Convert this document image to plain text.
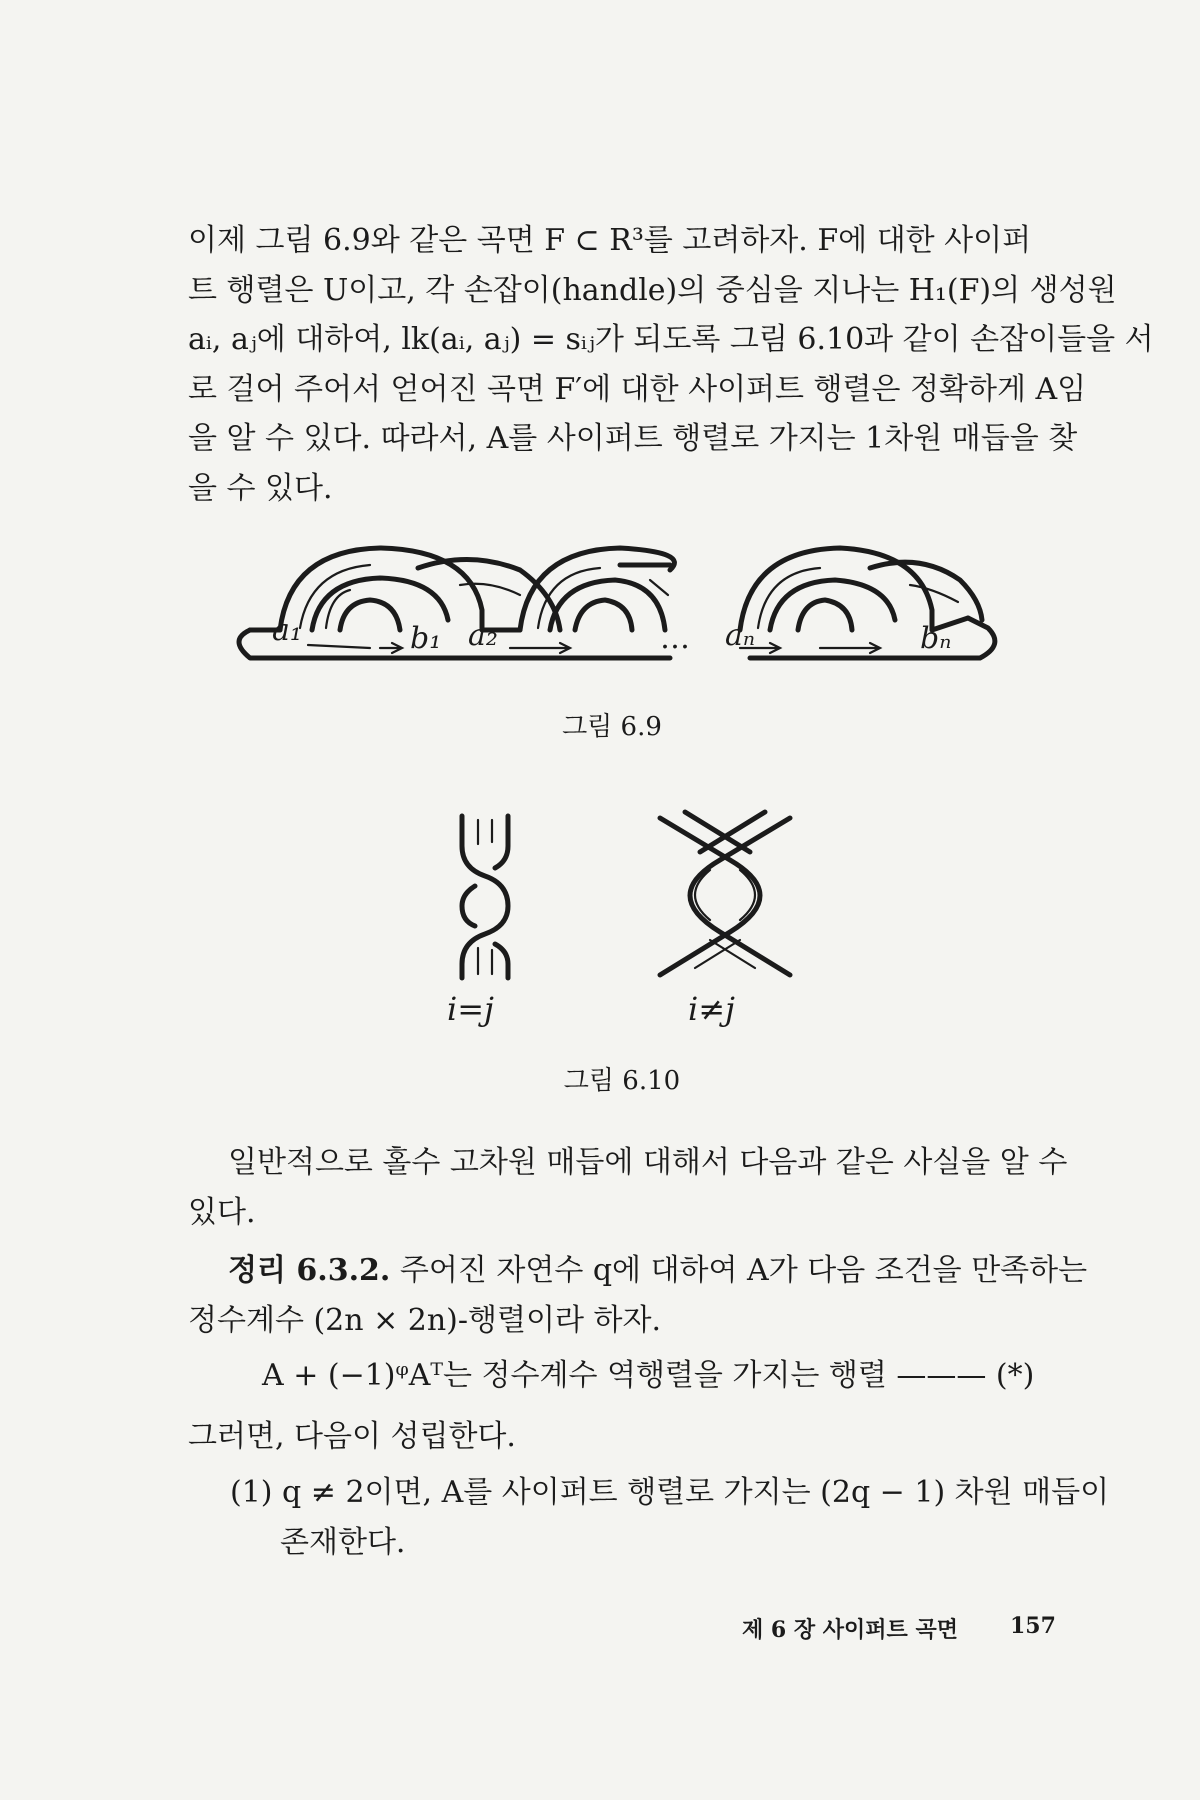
이제 그림 6.9와 같은 곡면 F ⊂ R³를 고려하자. F에 대한 사이퍼
트 행렬은 U이고, 각 손잡이(handle)의 중심을 지나는 H₁(F)의 생성원
aᵢ, aⱼ에 대하여, lk(aᵢ, aⱼ) = sᵢⱼ가 되도록 그림 6.10과 같이 손잡이들을 서
로 걸어 주어서 얻어진 곡면 F′에 대한 사이퍼트 행렬은 정확하게 A임
을 알 수 있다. 따라서, A를 사이퍼트 행렬로 가지는 1차원 매듭을 찾
을 수 있다.

a₁	b₁ a₂	… aₙ	bₙ
그림 6.9
i=j	i≠j
그림 6.10

일반적으로 홀수 고차원 매듭에 대해서 다음과 같은 사실을 알 수
있다.

정리 6.3.2. 주어진 자연수 q에 대하여 A가 다음 조건을 만족하는
정수계수 (2n × 2n)-행렬이라 하자.

A + (−1)ᵠAᵀ는 정수계수 역행렬을 가지는 행렬 ——— (*)

그러면, 다음이 성립한다.

(1) q ≠ 2이면, A를 사이퍼트 행렬로 가지는 (2q − 1) 차원 매듭이
존재한다.
제 6 장 사이퍼트 곡면 157
